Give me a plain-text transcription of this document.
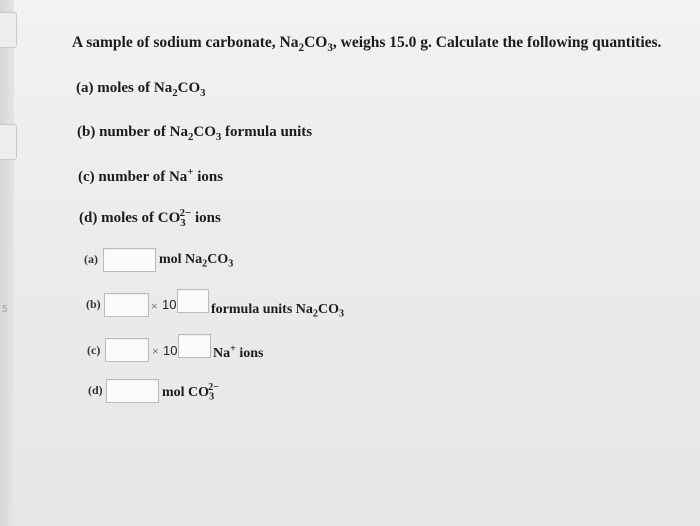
5
A sample of sodium carbonate, $Na_2CO_3$, weighs 15.0 g. Calculate the following quantities.
(a) moles of $Na_2CO_3$
(b) number of $Na_2CO_3$ formula units
(c) number of Na+ ions
(d) moles of $CO_3^{2-}$ ions
(a)	mol $Na_2CO_3$
(b)	× 10 formula units $Na_2CO_3$
(c)	× 10	Na+ ions
(d)	mol $CO_3^{2-}$
